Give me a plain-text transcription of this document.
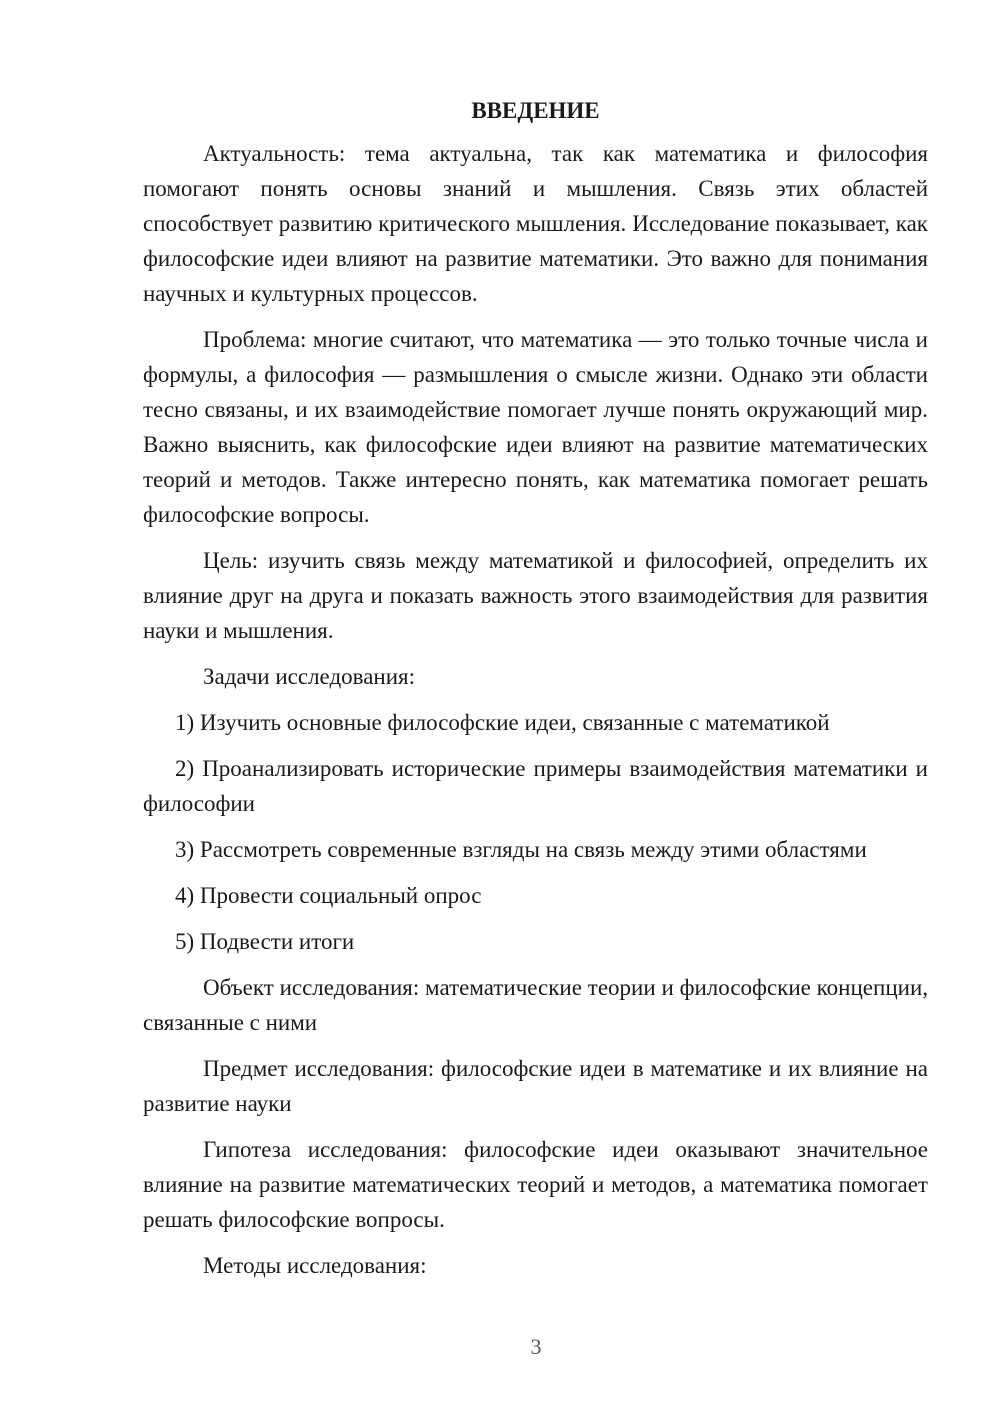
ВВЕДЕНИЕ

Актуальность: тема актуальна, так как математика и философия помогают понять основы знаний и мышления. Связь этих областей способствует развитию критического мышления. Исследование показывает, как философские идеи влияют на развитие математики. Это важно для понимания научных и культурных процессов.

Проблема: многие считают, что математика — это только точные числа и формулы, а философия — размышления о смысле жизни. Однако эти области тесно связаны, и их взаимодействие помогает лучше понять окружающий мир. Важно выяснить, как философские идеи влияют на развитие математических теорий и методов. Также интересно понять, как математика помогает решать философские вопросы.

Цель: изучить связь между математикой и философией, определить их влияние друг на друга и показать важность этого взаимодействия для развития науки и мышления.

Задачи исследования:

1) Изучить основные философские идеи, связанные с математикой

2) Проанализировать исторические примеры взаимодействия математики и философии

3) Рассмотреть современные взгляды на связь между этими областями

4) Провести социальный опрос

5) Подвести итоги

Объект исследования: математические теории и философские концепции, связанные с ними

Предмет исследования: философские идеи в математике и их влияние на развитие науки

Гипотеза исследования: философские идеи оказывают значительное влияние на развитие математических теорий и методов, а математика помогает решать философские вопросы.

Методы исследования:

3
